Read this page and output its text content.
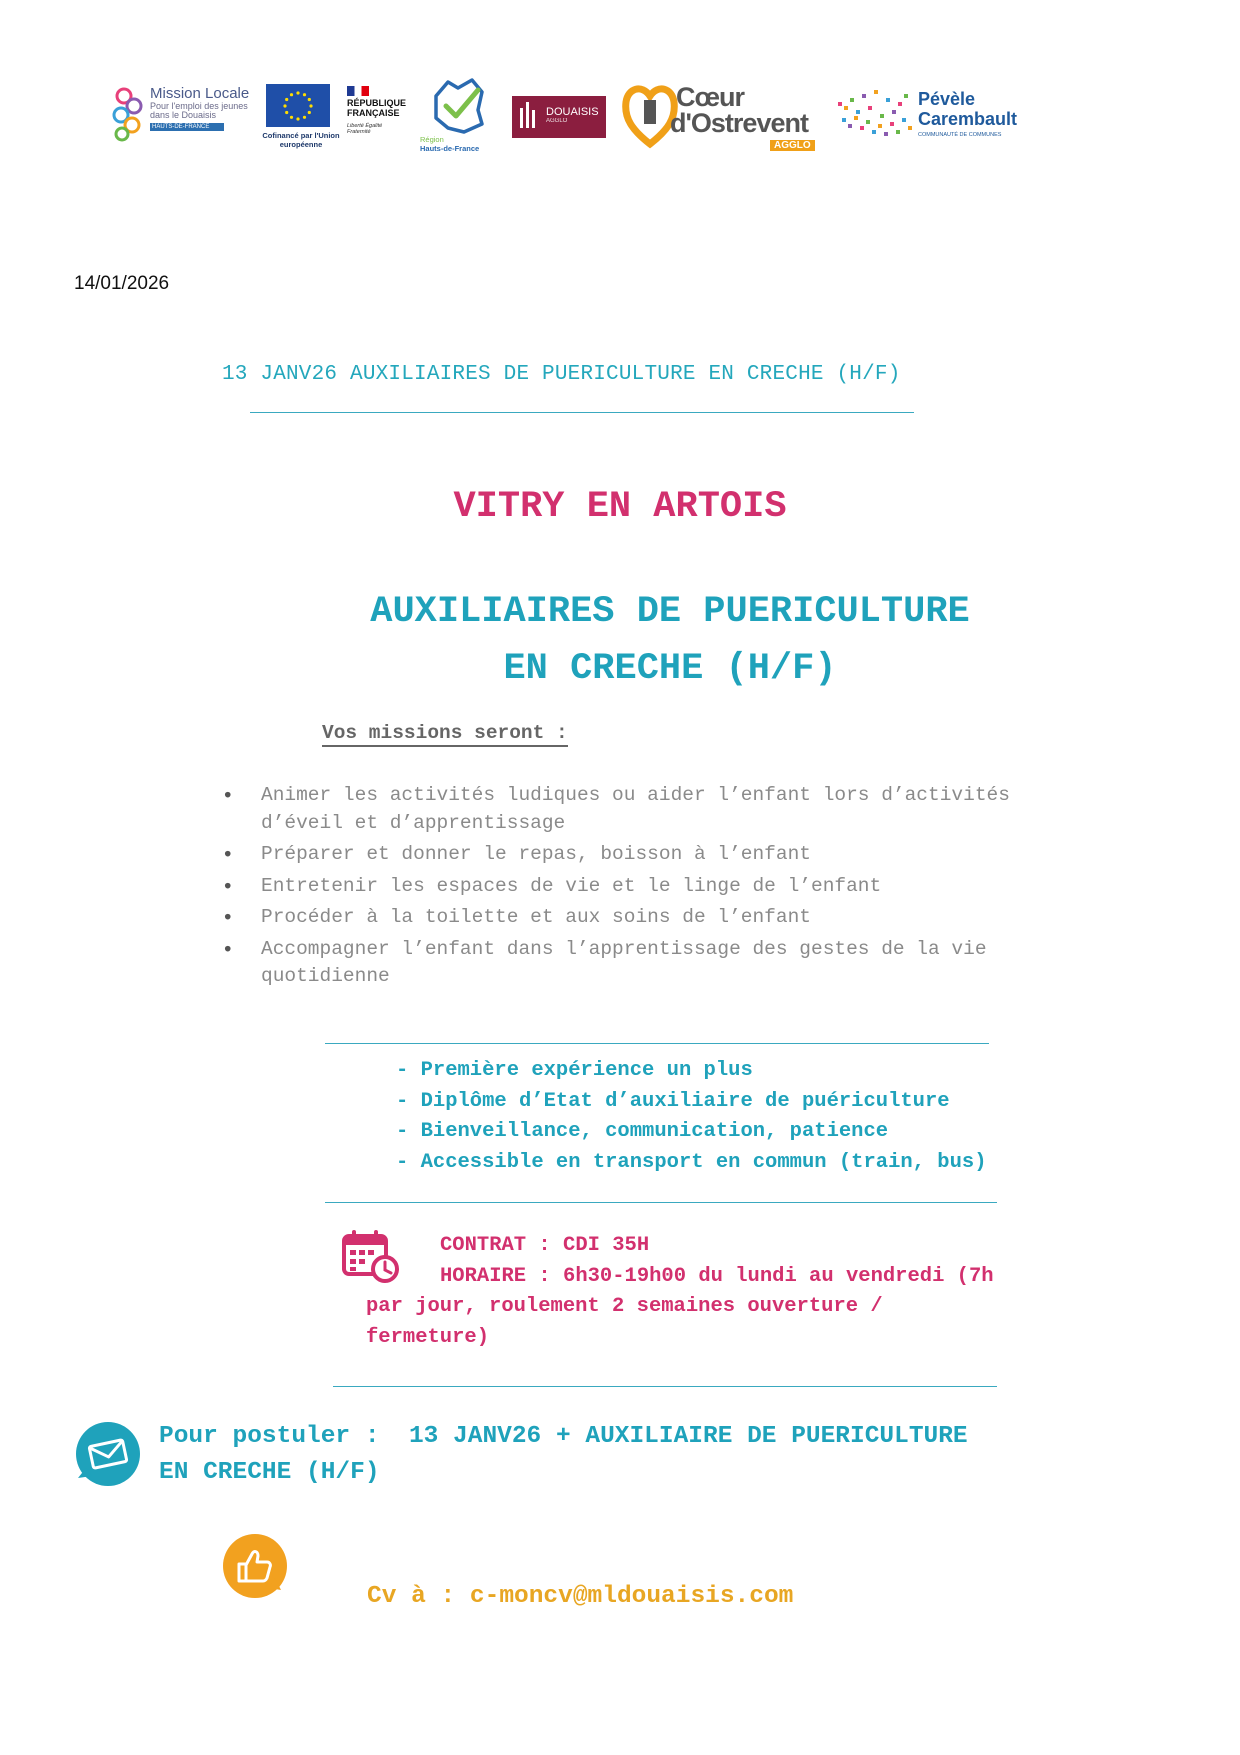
Mission Locale
Pour l'emploi des jeunes dans le Douaisis
HAUTS-DE-FRANCE
Cofinancé par l'Union européenne
RÉPUBLIQUE FRANÇAISE
Liberté Égalité Fraternité
Région
Hauts-de-France
DOUAISIS
AGGLO
Cœur
d'Ostrevent
AGGLO
Pévèle
Carembault
COMMUNAUTÉ DE COMMUNES
14/01/2026
13 JANV26 AUXILIAIRES DE PUERICULTURE EN CRECHE (H/F)
VITRY EN ARTOIS
AUXILIAIRES DE PUERICULTURE
EN CRECHE (H/F)
Vos missions seront :
• Animer les activités ludiques ou aider l’enfant lors d’activités d’éveil et d’apprentissage
• Préparer et donner le repas, boisson à l’enfant
• Entretenir les espaces de vie et le linge de l’enfant
• Procéder à la toilette et aux soins de l’enfant
• Accompagner l’enfant dans l’apprentissage des gestes de la vie quotidienne
- Première expérience un plus
- Diplôme d’Etat d’auxiliaire de puériculture
- Bienveillance, communication, patience
- Accessible en transport en commun (train, bus)
CONTRAT : CDI 35H
HORAIRE : 6h30-19h00 du lundi au vendredi (7h
par jour, roulement 2 semaines ouverture /
fermeture)
Pour postuler :  13 JANV26 + AUXILIAIRE DE PUERICULTURE
EN CRECHE (H/F)
Cv à : c-moncv@mldouaisis.com
